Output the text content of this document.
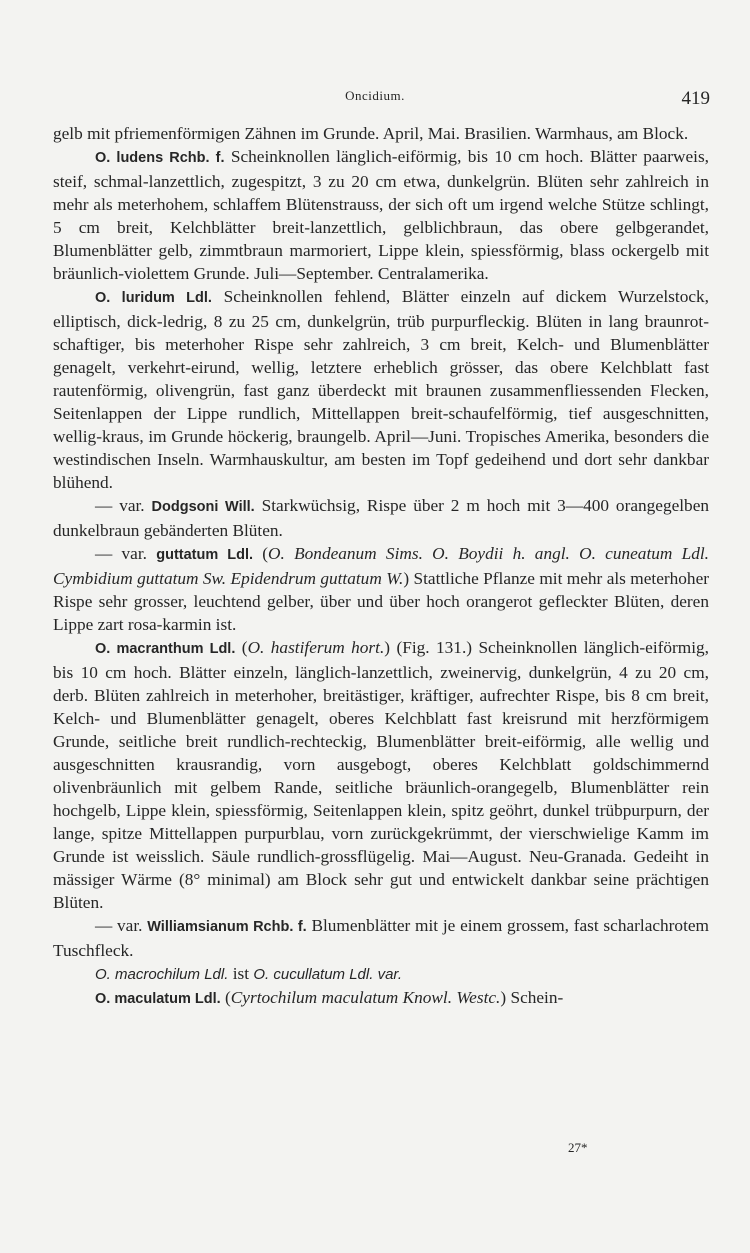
Oncidium.	419

gelb mit pfriemenförmigen Zähnen im Grunde. April, Mai. Brasilien. Warmhaus, am Block.

O. ludens Rchb. f. Scheinknollen länglich-eiförmig, bis 10 cm hoch. Blätter paarweis, steif, schmal-lanzettlich, zugespitzt, 3 zu 20 cm etwa, dunkelgrün. Blüten sehr zahlreich in mehr als meterhohem, schlaffem Blütenstrauss, der sich oft um irgend welche Stütze schlingt, 5 cm breit, Kelchblätter breit-lanzettlich, gelblichbraun, das obere gelbgerandet, Blumenblätter gelb, zimmtbraun marmoriert, Lippe klein, spiessförmig, blass ockergelb mit bräunlich-violettem Grunde. Juli—September. Centralamerika.

O. luridum Ldl. Scheinknollen fehlend, Blätter einzeln auf dickem Wurzelstock, elliptisch, dick-ledrig, 8 zu 25 cm, dunkelgrün, trüb purpurfleckig. Blüten in lang braunrot-schaftiger, bis meterhoher Rispe sehr zahlreich, 3 cm breit, Kelch- und Blumenblätter genagelt, verkehrt-eirund, wellig, letztere erheblich grösser, das obere Kelchblatt fast rautenförmig, olivengrün, fast ganz überdeckt mit braunen zusammenfliessenden Flecken, Seitenlappen der Lippe rundlich, Mittellappen breit-schaufelförmig, tief ausgeschnitten, wellig-kraus, im Grunde höckerig, braungelb. April—Juni. Tropisches Amerika, besonders die westindischen Inseln. Warmhauskultur, am besten im Topf gedeihend und dort sehr dankbar blühend.

— var. Dodgsoni Will. Starkwüchsig, Rispe über 2 m hoch mit 3—400 orangegelben dunkelbraun gebänderten Blüten.

— var. guttatum Ldl. (O. Bondeanum Sims. O. Boydii h. angl. O. cuneatum Ldl. Cymbidium guttatum Sw. Epidendrum guttatum W.) Stattliche Pflanze mit mehr als meterhoher Rispe sehr grosser, leuchtend gelber, über und über hoch orangerot gefleckter Blüten, deren Lippe zart rosa-karmin ist.

O. macranthum Ldl. (O. hastiferum hort.) (Fig. 131.) Scheinknollen länglich-eiförmig, bis 10 cm hoch. Blätter einzeln, länglich-lanzettlich, zweinervig, dunkelgrün, 4 zu 20 cm, derb. Blüten zahlreich in meterhoher, breitästiger, kräftiger, aufrechter Rispe, bis 8 cm breit, Kelch- und Blumenblätter genagelt, oberes Kelchblatt fast kreisrund mit herzförmigem Grunde, seitliche breit rundlich-rechteckig, Blumenblätter breit-eiförmig, alle wellig und ausgeschnitten krausrandig, vorn ausgebogt, oberes Kelchblatt goldschimmernd olivenbräunlich mit gelbem Rande, seitliche bräunlich-orangegelb, Blumenblätter rein hochgelb, Lippe klein, spiessförmig, Seitenlappen klein, spitz geöhrt, dunkel trübpurpurn, der lange, spitze Mittellappen purpurblau, vorn zurückgekrümmt, der vierschwielige Kamm im Grunde ist weisslich. Säule rundlich-grossflügelig. Mai—August. Neu-Granada. Gedeiht in mässiger Wärme (8° minimal) am Block sehr gut und entwickelt dankbar seine prächtigen Blüten.

— var. Williamsianum Rchb. f. Blumenblätter mit je einem grossem, fast scharlachrotem Tuschfleck.

O. macrochilum Ldl. ist O. cucullatum Ldl. var.

O. maculatum Ldl. (Cyrtochilum maculatum Knowl. Westc.) Schein-

27*
